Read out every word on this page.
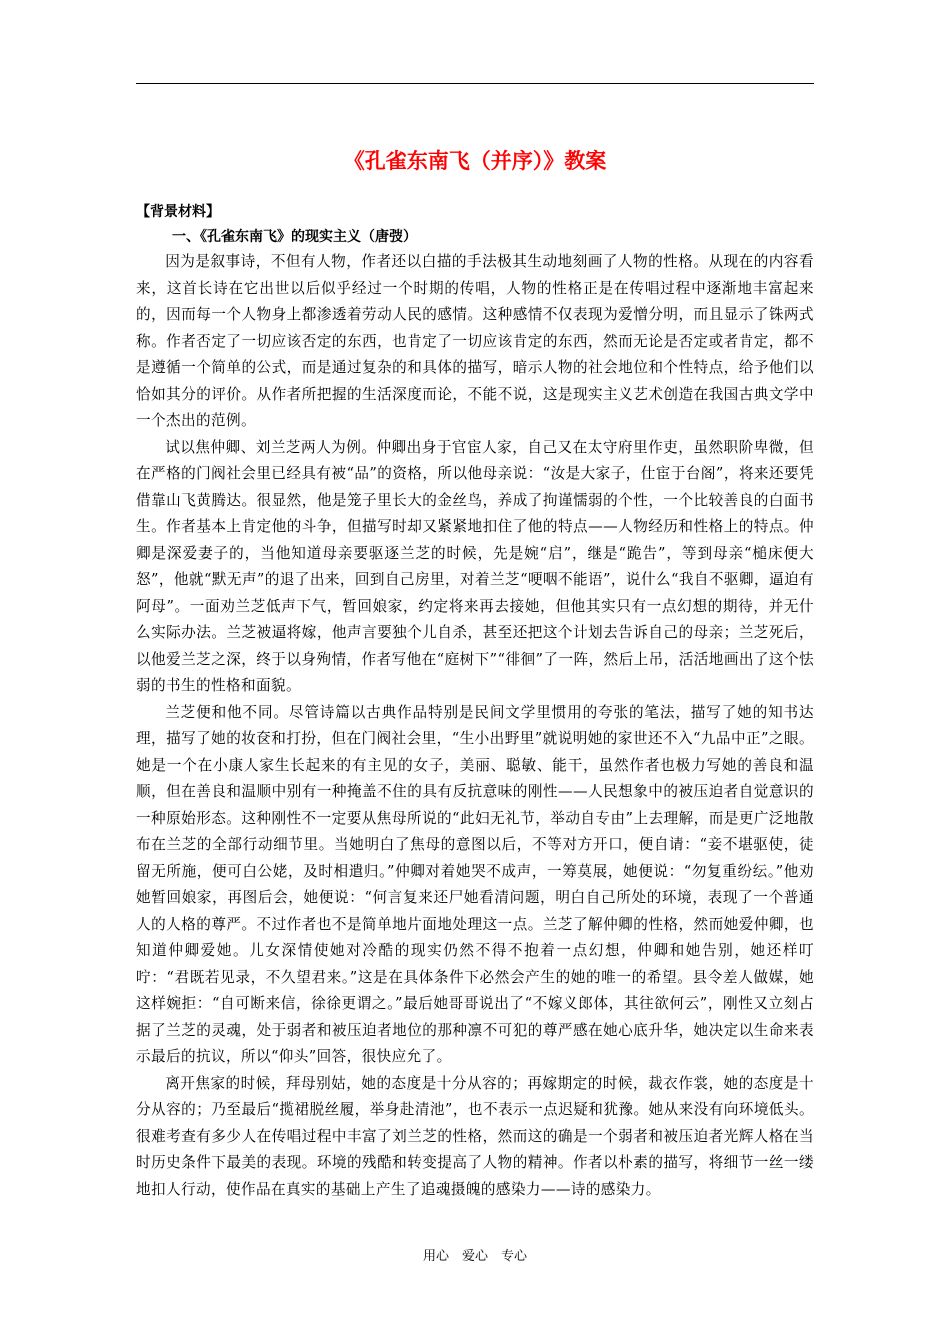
《孔雀东南飞（并序）》教案
【背景材料】
一、《孔雀东南飞》的现实主义（唐弢）

因为是叙事诗，不但有人物，作者还以白描的手法极其生动地刻画了人物的性格。从现在的内容看来，这首长诗在它出世以后似乎经过一个时期的传唱，人物的性格正是在传唱过程中逐渐地丰富起来的，因而每一个人物身上都渗透着劳动人民的感情。这种感情不仅表现为爱憎分明，而且显示了铢两式称。作者否定了一切应该否定的东西，也肯定了一切应该肯定的东西，然而无论是否定或者肯定，都不是遵循一个简单的公式，而是通过复杂的和具体的描写，暗示人物的社会地位和个性特点，给予他们以恰如其分的评价。从作者所把握的生活深度而论，不能不说，这是现实主义艺术创造在我国古典文学中一个杰出的范例。

试以焦仲卿、刘兰芝两人为例。仲卿出身于官宦人家，自己又在太守府里作吏，虽然职阶卑微，但在严格的门阀社会里已经具有被“品”的资格，所以他母亲说：“汝是大家子，仕宦于台阁”，将来还要凭借靠山飞黄腾达。很显然，他是笼子里长大的金丝鸟，养成了拘谨懦弱的个性，一个比较善良的白面书生。作者基本上肯定他的斗争，但描写时却又紧紧地扣住了他的特点——人物经历和性格上的特点。仲卿是深爱妻子的，当他知道母亲要驱逐兰芝的时候，先是婉“启”，继是“跪告”，等到母亲“槌床便大怒”，他就“默无声”的退了出来，回到自己房里，对着兰芝“哽咽不能语”，说什么“我自不驱卿，逼迫有阿母”。一面劝兰芝低声下气，暂回娘家，约定将来再去接她，但他其实只有一点幻想的期待，并无什么实际办法。兰芝被逼将嫁，他声言要独个儿自杀，甚至还把这个计划去告诉自己的母亲；兰芝死后，以他爱兰芝之深，终于以身殉情，作者写他在“庭树下”“徘徊”了一阵，然后上吊，活活地画出了这个怯弱的书生的性格和面貌。

兰芝便和他不同。尽管诗篇以古典作品特别是民间文学里惯用的夸张的笔法，描写了她的知书达理，描写了她的妆奁和打扮，但在门阀社会里，“生小出野里”就说明她的家世还不入“九品中正”之眼。她是一个在小康人家生长起来的有主见的女子，美丽、聪敏、能干，虽然作者也极力写她的善良和温顺，但在善良和温顺中别有一种掩盖不住的具有反抗意味的刚性——人民想象中的被压迫者自觉意识的一种原始形态。这种刚性不一定要从焦母所说的“此妇无礼节，举动自专由”上去理解，而是更广泛地散布在兰芝的全部行动细节里。当她明白了焦母的意图以后，不等对方开口，便自请：“妾不堪驱使，徒留无所施，便可白公姥，及时相遣归。”仲卿对着她哭不成声，一筹莫展，她便说：“勿复重纷纭。”他劝她暂回娘家，再图后会，她便说：“何言复来还尸她看清问题，明白自己所处的环境，表现了一个普通人的人格的尊严。不过作者也不是简单地片面地处理这一点。兰芝了解仲卿的性格，然而她爱仲卿，也知道仲卿爱她。儿女深情使她对冷酷的现实仍然不得不抱着一点幻想，仲卿和她告别，她还样叮咛：“君既若见录，不久望君来。”这是在具体条件下必然会产生的她的唯一的希望。县令差人做媒，她这样婉拒：“自可断来信，徐徐更谓之。”最后她哥哥说出了“不嫁义郎体，其往欲何云”，刚性又立刻占据了兰芝的灵魂，处于弱者和被压迫者地位的那种凛不可犯的尊严感在她心底升华，她决定以生命来表示最后的抗议，所以“仰头”回答，很快应允了。

离开焦家的时候，拜母别姑，她的态度是十分从容的；再嫁期定的时候，裁衣作裳，她的态度是十分从容的；乃至最后“揽裙脱丝履，举身赴清池”，也不表示一点迟疑和犹豫。她从来没有向环境低头。很难考查有多少人在传唱过程中丰富了刘兰芝的性格，然而这的确是一个弱者和被压迫者光辉人格在当时历史条件下最美的表现。环境的残酷和转变提高了人物的精神。作者以朴素的描写，将细节一丝一缕地扣人行动，使作品在真实的基础上产生了追魂摄魄的感染力——诗的感染力。

用心　爱心　专心
